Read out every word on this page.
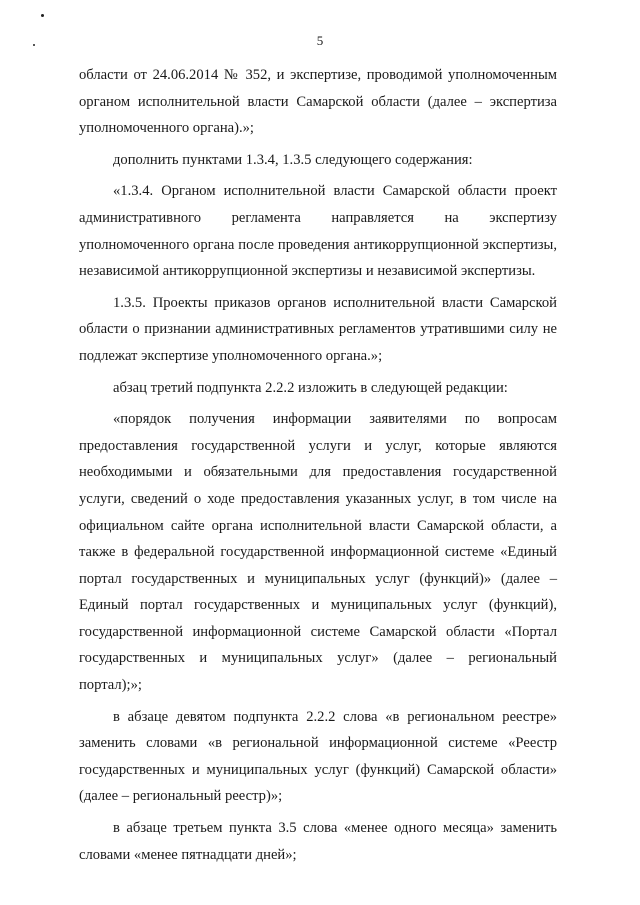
5

области от 24.06.2014 № 352, и экспертизе, проводимой уполномоченным органом исполнительной власти Самарской области (далее – экспертиза уполномоченного органа).»;

дополнить пунктами 1.3.4, 1.3.5 следующего содержания:

«1.3.4. Органом исполнительной власти Самарской области проект административного регламента направляется на экспертизу уполномоченного органа после проведения антикоррупционной экспертизы, независимой антикоррупционной экспертизы и независимой экспертизы.

1.3.5. Проекты приказов органов исполнительной власти Самарской области о признании административных регламентов утратившими силу не подлежат экспертизе уполномоченного органа.»;

абзац третий подпункта 2.2.2 изложить в следующей редакции:

«порядок получения информации заявителями по вопросам предоставления государственной услуги и услуг, которые являются необходимыми и обязательными для предоставления государственной услуги, сведений о ходе предоставления указанных услуг, в том числе на официальном сайте органа исполнительной власти Самарской области, а также в федеральной государственной информационной системе «Единый портал государственных и муниципальных услуг (функций)» (далее – Единый портал государственных и муниципальных услуг (функций), государственной информационной системе Самарской области «Портал государственных и муниципальных услуг» (далее – региональный портал);»;

в абзаце девятом подпункта 2.2.2 слова «в региональном реестре» заменить словами «в региональной информационной системе «Реестр государственных и муниципальных услуг (функций) Самарской области» (далее – региональный реестр)»;

в абзаце третьем пункта 3.5 слова «менее одного месяца» заменить словами «менее пятнадцати дней»;
